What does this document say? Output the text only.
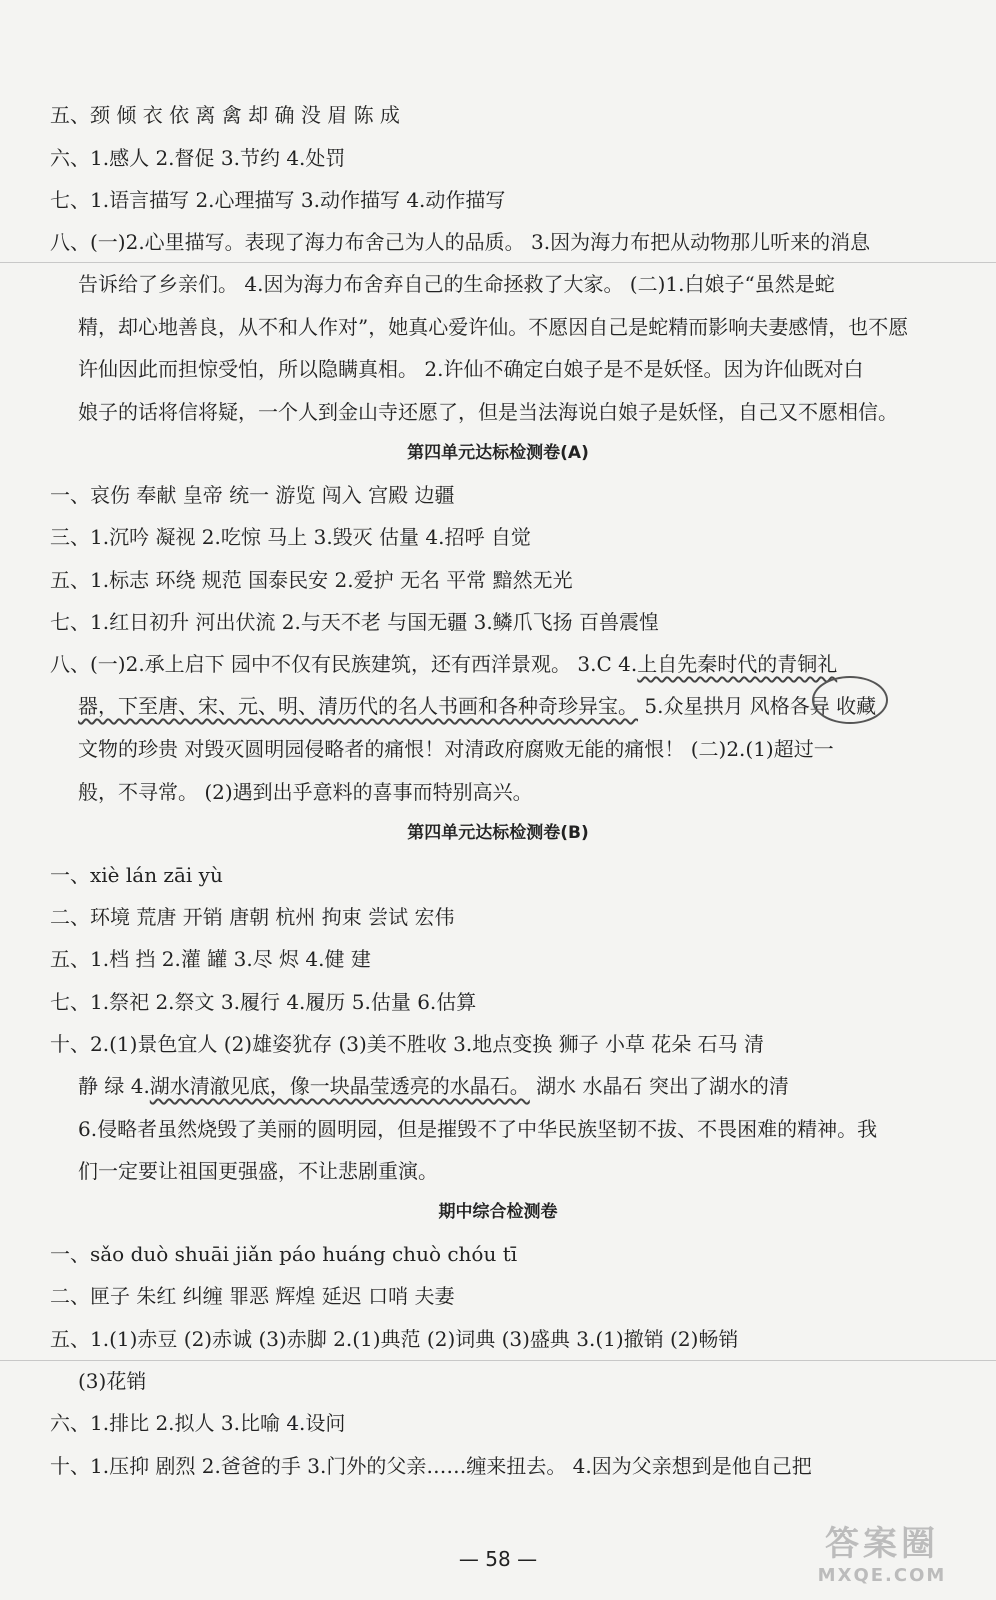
五、颈 倾 衣 依 离 禽 却 确 没 眉 陈 成
六、1.感人 2.督促 3.节约 4.处罚
七、1.语言描写 2.心理描写 3.动作描写 4.动作描写
八、(一)2.心里描写。表现了海力布舍己为人的品质。 3.因为海力布把从动物那儿听来的消息
告诉给了乡亲们。 4.因为海力布舍弃自己的生命拯救了大家。 (二)1.白娘子“虽然是蛇
精，却心地善良，从不和人作对”，她真心爱许仙。不愿因自己是蛇精而影响夫妻感情，也不愿
许仙因此而担惊受怕，所以隐瞒真相。 2.许仙不确定白娘子是不是妖怪。因为许仙既对白
娘子的话将信将疑，一个人到金山寺还愿了，但是当法海说白娘子是妖怪，自己又不愿相信。
第四单元达标检测卷(A)
一、哀伤 奉献 皇帝 统一 游览 闯入 宫殿 边疆
三、1.沉吟 凝视 2.吃惊 马上 3.毁灭 估量 4.招呼 自觉
五、1.标志 环绕 规范 国泰民安 2.爱护 无名 平常 黯然无光
七、1.红日初升 河出伏流 2.与天不老 与国无疆 3.鳞爪飞扬 百兽震惶
八、(一)2.承上启下 园中不仅有民族建筑，还有西洋景观。 3.C 4.上自先秦时代的青铜礼
器，下至唐、宋、元、明、清历代的名人书画和各种奇珍异宝。 5.众星拱月 风格各异 收藏
文物的珍贵 对毁灭圆明园侵略者的痛恨！对清政府腐败无能的痛恨！ (二)2.(1)超过一
般，不寻常。 (2)遇到出乎意料的喜事而特别高兴。
第四单元达标检测卷(B)
一、xiè lán zāi yù
二、环境 荒唐 开销 唐朝 杭州 拘束 尝试 宏伟
五、1.档 挡 2.灌 罐 3.尽 烬 4.健 建
七、1.祭祀 2.祭文 3.履行 4.履历 5.估量 6.估算
十、2.(1)景色宜人 (2)雄姿犹存 (3)美不胜收 3.地点变换 狮子 小草 花朵 石马 清
静 绿 4.湖水清澈见底，像一块晶莹透亮的水晶石。 湖水 水晶石 突出了湖水的清
6.侵略者虽然烧毁了美丽的圆明园，但是摧毁不了中华民族坚韧不拔、不畏困难的精神。我
们一定要让祖国更强盛，不让悲剧重演。
期中综合检测卷
一、sǎo duò shuāi jiǎn páo huáng chuò chóu tī
二、匣子 朱红 纠缠 罪恶 辉煌 延迟 口哨 夫妻
五、1.(1)赤豆 (2)赤诚 (3)赤脚 2.(1)典范 (2)词典 (3)盛典 3.(1)撤销 (2)畅销
(3)花销
六、1.排比 2.拟人 3.比喻 4.设问
十、1.压抑 剧烈 2.爸爸的手 3.门外的父亲……缠来扭去。 4.因为父亲想到是他自己把
— 58 —	答案圈
MXQE.COM
